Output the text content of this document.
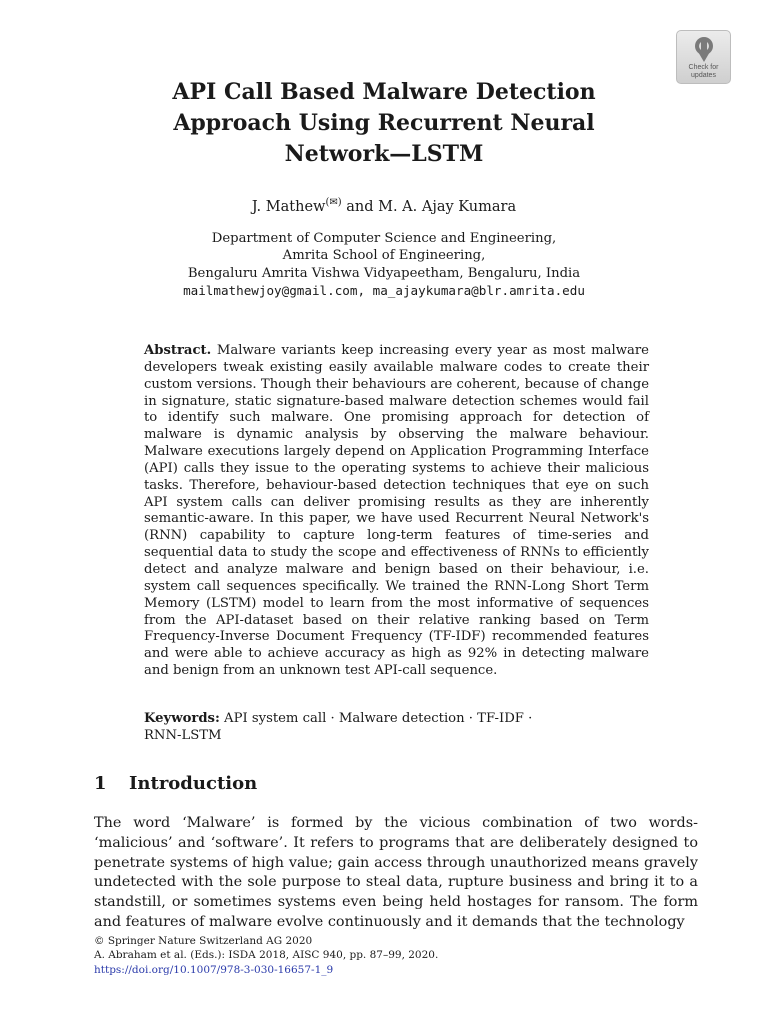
Check for
updates
API Call Based Malware Detection
Approach Using Recurrent Neural
Network—LSTM
J. Mathew(✉) and M. A. Ajay Kumara
Department of Computer Science and Engineering,
Amrita School of Engineering,
Bengaluru Amrita Vishwa Vidyapeetham, Bengaluru, India
mailmathewjoy@gmail.com, ma_ajaykumara@blr.amrita.edu

Abstract. Malware variants keep increasing every year as most malware developers tweak existing easily available malware codes to create their custom versions. Though their behaviours are coherent, because of change in signature, static signature-based malware detection schemes would fail to identify such malware. One promising approach for detection of malware is dynamic analysis by observing the malware behaviour. Malware executions largely depend on Application Programming Interface (API) calls they issue to the operating systems to achieve their malicious tasks. Therefore, behaviour-based detection techniques that eye on such API system calls can deliver promising results as they are inherently semantic-aware. In this paper, we have used Recurrent Neural Network's (RNN) capability to capture long-term features of time-series and sequential data to study the scope and effectiveness of RNNs to efficiently detect and analyze malware and benign based on their behaviour, i.e. system call sequences specifically. We trained the RNN-Long Short Term Memory (LSTM) model to learn from the most informative of sequences from the API-dataset based on their relative ranking based on Term Frequency-Inverse Document Frequency (TF-IDF) recommended features and were able to achieve accuracy as high as 92% in detecting malware and benign from an unknown test API-call sequence.

Keywords: API system call · Malware detection · TF-IDF ·
RNN-LSTM
1 Introduction

The word ‘Malware’ is formed by the vicious combination of two words- ‘malicious’ and ‘software’. It refers to programs that are deliberately designed to penetrate systems of high value; gain access through unauthorized means gravely undetected with the sole purpose to steal data, rupture business and bring it to a standstill, or sometimes systems even being held hostages for ransom. The form and features of malware evolve continuously and it demands that the technology

© Springer Nature Switzerland AG 2020
A. Abraham et al. (Eds.): ISDA 2018, AISC 940, pp. 87–99, 2020.
https://doi.org/10.1007/978-3-030-16657-1_9
